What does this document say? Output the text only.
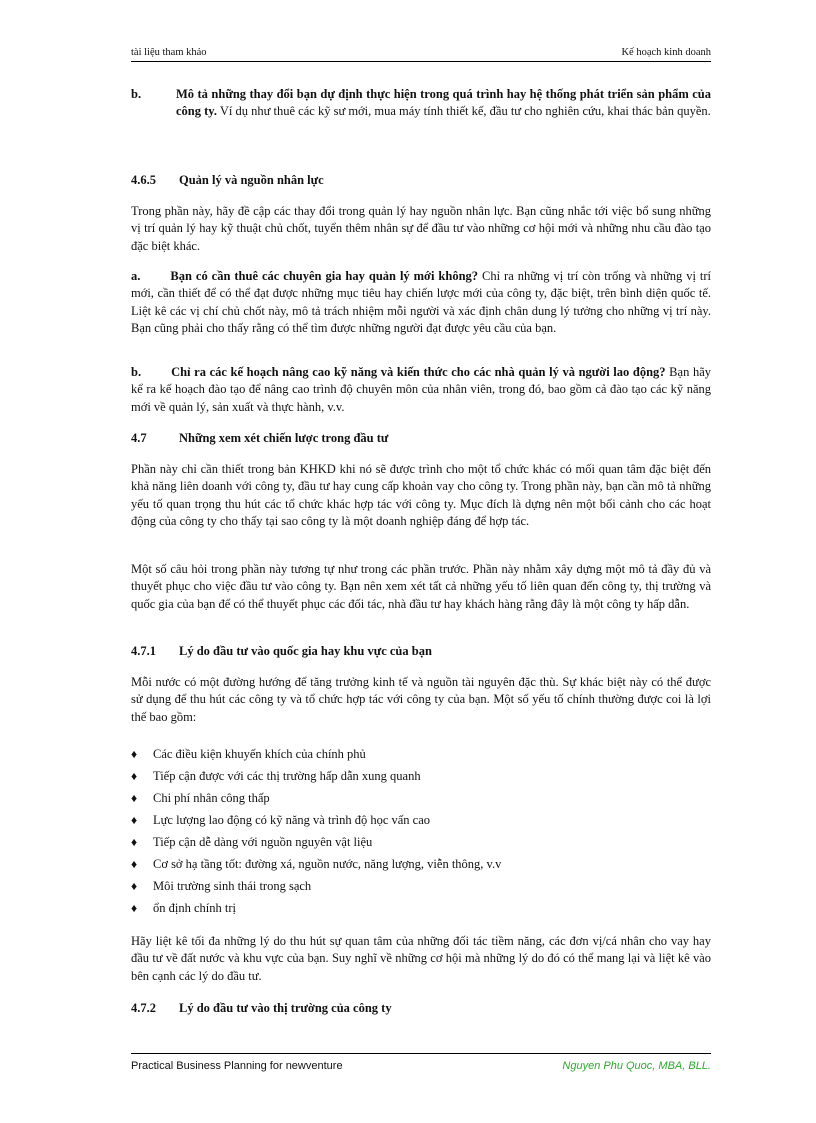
tài liệu tham khảo	Kế hoạch kinh doanh
b.	Mô tả những thay đổi bạn dự định thực hiện trong quá trình hay hệ thống phát triển sản phẩm của công ty. Ví dụ như thuê các kỹ sư mới, mua máy tính thiết kế, đầu tư cho nghiên cứu, khai thác bản quyền.
4.6.5 Quản lý và nguồn nhân lực
Trong phần này, hãy đề cập các thay đổi trong quản lý hay nguồn nhân lực. Bạn cũng nhắc tới việc bổ sung những vị trí quản lý hay kỹ thuật chủ chốt, tuyển thêm nhân sự để đầu tư vào những cơ hội mới và những nhu cầu đào tạo đặc biệt khác.
a. Bạn có cần thuê các chuyên gia hay quản lý mới không? Chỉ ra những vị trí còn trống và những vị trí mới, cần thiết để có thể đạt được những mục tiêu hay chiến lược mới của công ty, đặc biệt, trên bình diện quốc tế. Liệt kê các vị chí chủ chốt này, mô tả trách nhiệm mỗi người và xác định chân dung lý tưởng cho những vị trí này. Bạn cũng phải cho thấy rằng có thể tìm được những người đạt được yêu cầu của bạn.
b. Chỉ ra các kế hoạch nâng cao kỹ năng và kiến thức cho các nhà quản lý và người lao động? Bạn hãy kể ra kế hoạch đào tạo để nâng cao trình độ chuyên môn của nhân viên, trong đó, bao gồm cả đào tạo các kỹ năng mới về quản lý, sản xuất và thực hành, v.v.
4.7	Những xem xét chiến lược trong đầu tư
Phần này chỉ cần thiết trong bản KHKD khi nó sẽ được trình cho một tổ chức khác có mối quan tâm đặc biệt đến khả năng liên doanh với công ty, đầu tư hay cung cấp khoản vay cho công ty. Trong phần này, bạn cần mô tả những yếu tố quan trọng thu hút các tổ chức khác hợp tác với công ty. Mục đích là dựng nên một bối cảnh cho các hoạt động của công ty cho thấy tại sao công ty là một doanh nghiệp đáng để hợp tác.
Một số câu hỏi trong phần này tương tự như trong các phần trước. Phần này nhằm xây dựng một mô tả đầy đủ và thuyết phục cho việc đầu tư vào công ty. Bạn nên xem xét tất cả những yếu tố liên quan đến công ty, thị trường và quốc gia của bạn để có thể thuyết phục các đối tác, nhà đầu tư hay khách hàng rằng đây là một công ty hấp dẫn.
4.7.1 Lý do đầu tư vào quốc gia hay khu vực của bạn
Mỗi nước có một đường hướng để tăng trưởng kinh tế và nguồn tài nguyên đặc thù. Sự khác biệt này có thể được sử dụng để thu hút các công ty và tổ chức hợp tác với công ty của bạn. Một số yếu tố chính thường được coi là lợi thế bao gồm:
♦ Các điều kiện khuyến khích của chính phủ
♦ Tiếp cận được với các thị trường hấp dẫn xung quanh
♦ Chi phí nhân công thấp
♦ Lực lượng lao động có kỹ năng và trình độ học vấn cao
♦ Tiếp cận dễ dàng với nguồn nguyên vật liệu
♦ Cơ sở hạ tầng tốt: đường xá, nguồn nước, năng lượng, viễn thông, v.v
♦ Môi trường sinh thái trong sạch
♦ ổn định chính trị
Hãy liệt kê tối đa những lý do thu hút sự quan tâm của những đối tác tiềm năng, các đơn vị/cá nhân cho vay hay đầu tư về đất nước và khu vực của bạn. Suy nghĩ về những cơ hội mà những lý do đó có thể mang lại và liệt kê vào bên cạnh các lý do đầu tư.
4.7.2 Lý do đầu tư vào thị trường của công ty
Practical Business Planning for newventure	Nguyen Phu Quoc, MBA, BLL.
